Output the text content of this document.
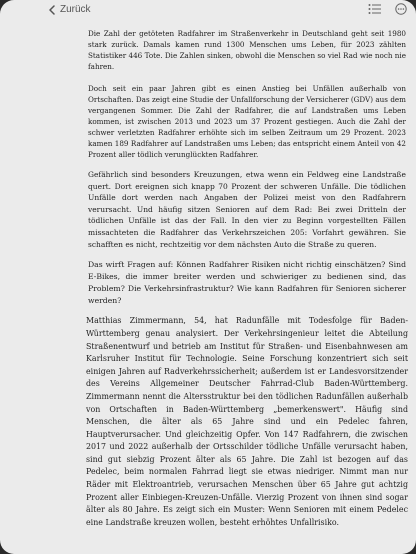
Zurück

Die Zahl der getöteten Radfahrer im Straßenverkehr in Deutschland geht seit 1980 stark zurück. Damals kamen rund 1300 Menschen ums Leben, für 2023 zählten Statistiker 446 Tote. Die Zahlen sinken, obwohl die Menschen so viel Rad wie noch nie fahren.

Doch seit ein paar Jahren gibt es einen Anstieg bei Unfällen außerhalb von Ortschaften. Das zeigt eine Studie der Unfallforschung der Versicherer (GDV) aus dem vergangenen Sommer. Die Zahl der Radfahrer, die auf Landstraßen ums Leben kommen, ist zwischen 2013 und 2023 um 37 Prozent gestiegen. Auch die Zahl der schwer verletzten Radfahrer erhöhte sich im selben Zeitraum um 29 Prozent. 2023 kamen 189 Radfahrer auf Landstraßen ums Leben; das entspricht einem Anteil von 42 Prozent aller tödlich verunglückten Radfahrer.

Gefährlich sind besonders Kreuzungen, etwa wenn ein Feldweg eine Landstraße quert. Dort ereignen sich knapp 70 Prozent der schweren Unfälle. Die tödlichen Unfälle dort werden nach Angaben der Polizei meist von den Radfahrern verursacht. Und häufig sitzen Senioren auf dem Rad: Bei zwei Dritteln der tödlichen Unfälle ist das der Fall. In den vier zu Beginn vorgestellten Fällen missachteten die Radfahrer das Verkehrszeichen 205: Vorfahrt gewähren. Sie schafften es nicht, rechtzeitig vor dem nächsten Auto die Straße zu queren.

Das wirft Fragen auf: Können Radfahrer Risiken nicht richtig einschätzen? Sind E-Bikes, die immer breiter werden und schwieriger zu bedienen sind, das Problem? Die Verkehrsinfrastruktur? Wie kann Radfahren für Senioren sicherer werden?

Matthias Zimmermann, 54, hat Radunfälle mit Todesfolge für Baden-Württemberg genau analysiert. Der Verkehrsingenieur leitet die Abteilung Straßenentwurf und betrieb am Institut für Straßen- und Eisenbahnwesen am Karlsruher Institut für Technologie. Seine Forschung konzentriert sich seit einigen Jahren auf Radverkehrssicherheit; außerdem ist er Landesvorsitzender des Vereins Allgemeiner Deutscher Fahrrad-Club Baden-Württemberg. Zimmermann nennt die Altersstruktur bei den tödlichen Radunfällen außerhalb von Ortschaften in Baden-Württemberg „bemerkenswert". Häufig sind Menschen, die älter als 65 Jahre sind und ein Pedelec fahren, Hauptverursacher. Und gleichzeitig Opfer. Von 147 Radfahrern, die zwischen 2017 und 2022 außerhalb der Ortsschilder tödliche Unfälle verursacht haben, sind gut siebzig Prozent älter als 65 Jahre. Die Zahl ist bezogen auf das Pedelec, beim normalen Fahrrad liegt sie etwas niedriger. Nimmt man nur Räder mit Elektroantrieb, verursachen Menschen über 65 Jahre gut achtzig Prozent aller Einbiegen-Kreuzen-Unfälle. Vierzig Prozent von ihnen sind sogar älter als 80 Jahre. Es zeigt sich ein Muster: Wenn Senioren mit einem Pedelec eine Landstraße kreuzen wollen, besteht erhöhtes Unfallrisiko.
